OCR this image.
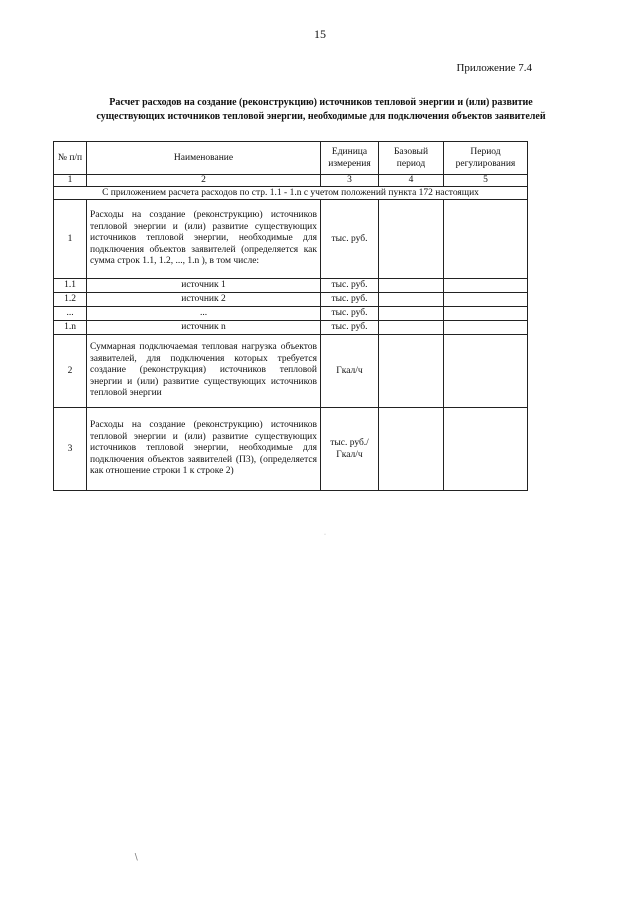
15
Приложение 7.4
Расчет расходов на создание (реконструкцию) источников тепловой энергии и (или) развитие
существующих источников тепловой энергии, необходимые для подключения объектов заявителей
№ п/п	Наименование	Единица измерения	Базовый период	Период регулирования
1	2	3	4	5
С приложением расчета расходов по стр. 1.1 - 1.n с учетом положений пункта 172 настоящих				
1	Расходы на создание (реконструкцию) источников тепловой энергии и (или) развитие существующих источников тепловой энергии, необходимые для подключения объектов заявителей (определяется как сумма строк 1.1, 1.2, ..., 1.n ), в том числе:	тыс. руб.		
1.1	источник 1	тыс. руб.		
1.2	источник 2	тыс. руб.		
...	...	тыс. руб.		
1.n	источник n	тыс. руб.		
2	Суммарная подключаемая тепловая нагрузка объектов заявителей, для подключения которых требуется создание (реконструкция) источников тепловой энергии и (или) развитие существующих источников тепловой энергии	Гкал/ч		
3	Расходы на создание (реконструкцию) источников тепловой энергии и (или) развитие существующих источников тепловой энергии, необходимые для подключения объектов заявителей (П3), (определяется как отношение строки 1 к строке 2)	тыс. руб./ Гкал/ч		
∖
·
